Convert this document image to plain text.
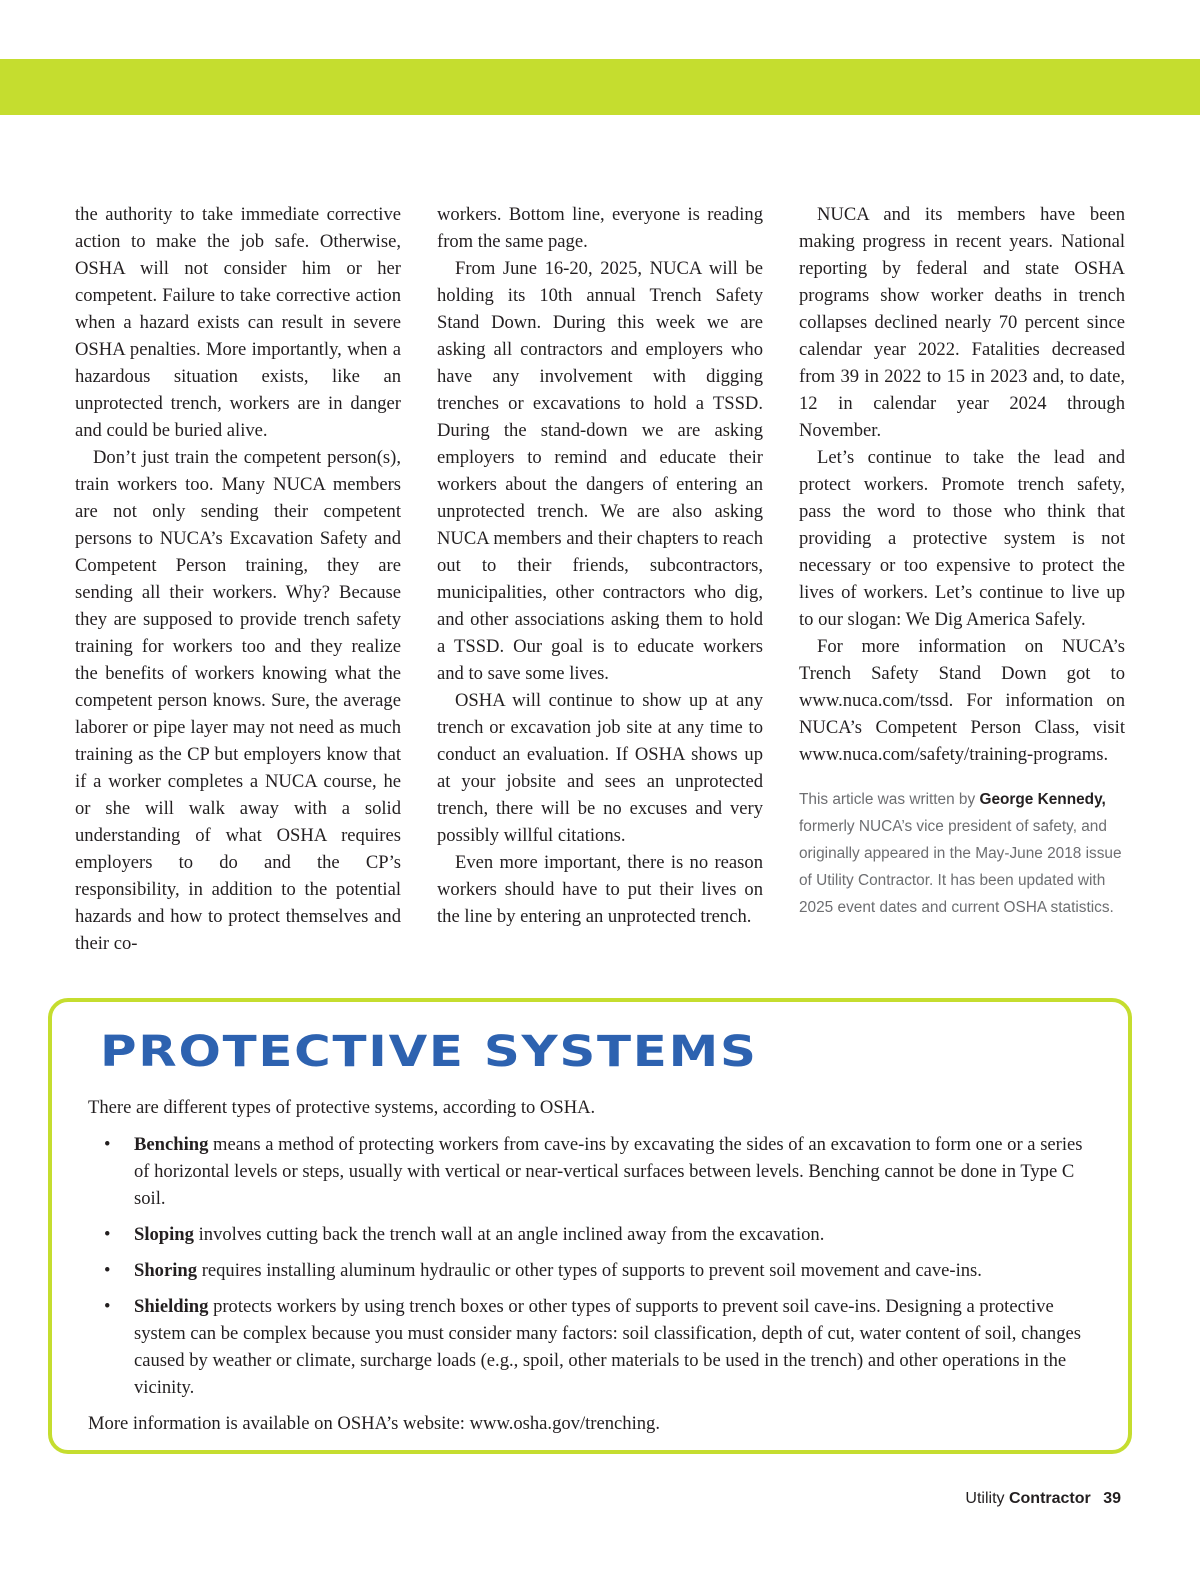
the authority to take immediate corrective action to make the job safe. Otherwise, OSHA will not consider him or her competent. Failure to take corrective action when a hazard exists can result in severe OSHA penalties. More importantly, when a hazardous situation exists, like an unprotected trench, workers are in danger and could be buried alive.

Don’t just train the competent person(s), train workers too. Many NUCA members are not only sending their competent persons to NUCA’s Excavation Safety and Competent Person training, they are sending all their workers. Why? Because they are supposed to provide trench safety training for workers too and they realize the benefits of workers knowing what the competent person knows. Sure, the average laborer or pipe layer may not need as much training as the CP but employers know that if a worker completes a NUCA course, he or she will walk away with a solid understanding of what OSHA requires employers to do and the CP’s responsibility, in addition to the potential hazards and how to protect themselves and their co-

workers. Bottom line, everyone is reading from the same page.

From June 16-20, 2025, NUCA will be holding its 10th annual Trench Safety Stand Down. During this week we are asking all contractors and employers who have any involvement with digging trenches or excavations to hold a TSSD. During the stand-down we are asking employers to remind and educate their workers about the dangers of entering an unprotected trench. We are also asking NUCA members and their chapters to reach out to their friends, subcontractors, municipalities, other contractors who dig, and other associations asking them to hold a TSSD. Our goal is to educate workers and to save some lives.

OSHA will continue to show up at any trench or excavation job site at any time to conduct an evaluation. If OSHA shows up at your jobsite and sees an unprotected trench, there will be no excuses and very possibly willful citations.

Even more important, there is no reason workers should have to put their lives on the line by entering an unprotected trench.

NUCA and its members have been making progress in recent years. National reporting by federal and state OSHA programs show worker deaths in trench collapses declined nearly 70 percent since calendar year 2022. Fatalities decreased from 39 in 2022 to 15 in 2023 and, to date, 12 in calendar year 2024 through November.

Let’s continue to take the lead and protect workers. Promote trench safety, pass the word to those who think that providing a protective system is not necessary or too expensive to protect the lives of workers. Let’s continue to live up to our slogan: We Dig America Safely.

For more information on NUCA’s Trench Safety Stand Down got to www.nuca.com/tssd. For information on NUCA’s Competent Person Class, visit www.nuca.com/safety/training-programs.

This article was written by George Kennedy, formerly NUCA’s vice president of safety, and originally appeared in the May-June 2018 issue of Utility Contractor. It has been updated with 2025 event dates and current OSHA statistics.
PROTECTIVE SYSTEMS

There are different types of protective systems, according to OSHA.

• Benching means a method of protecting workers from cave-ins by excavating the sides of an excavation to form one or a series of horizontal levels or steps, usually with vertical or near-vertical surfaces between levels. Benching cannot be done in Type C soil.
• Sloping involves cutting back the trench wall at an angle inclined away from the excavation.
• Shoring requires installing aluminum hydraulic or other types of supports to prevent soil movement and cave-ins.
• Shielding protects workers by using trench boxes or other types of supports to prevent soil cave-ins. Designing a protective system can be complex because you must consider many factors: soil classification, depth of cut, water content of soil, changes caused by weather or climate, surcharge loads (e.g., spoil, other materials to be used in the trench) and other operations in the vicinity.

More information is available on OSHA’s website: www.osha.gov/trenching.

Utility Contractor 39
